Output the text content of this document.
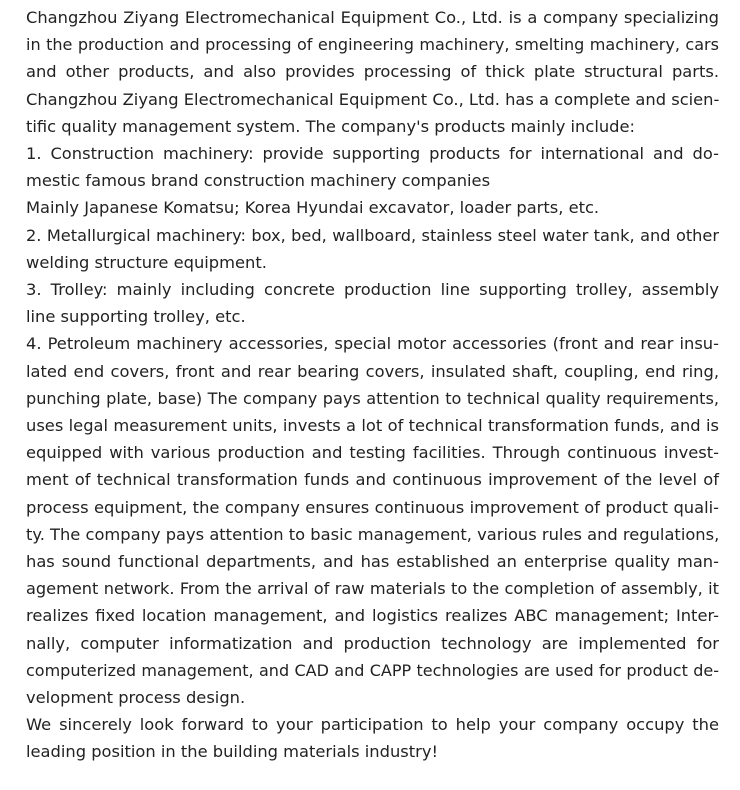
Changzhou Ziyang Electromechanical Equipment Co., Ltd. is a company specializing
in the production and processing of engineering machinery, smelting machinery, cars
and other products, and also provides processing of thick plate structural parts.
Changzhou Ziyang Electromechanical Equipment Co., Ltd. has a complete and scien-
tific quality management system. The company's products mainly include:
1. Construction machinery: provide supporting products for international and do-
mestic famous brand construction machinery companies
Mainly Japanese Komatsu; Korea Hyundai excavator, loader parts, etc.
2. Metallurgical machinery: box, bed, wallboard, stainless steel water tank, and other
welding structure equipment.
3. Trolley: mainly including concrete production line supporting trolley, assembly
line supporting trolley, etc.
4. Petroleum machinery accessories, special motor accessories (front and rear insu-
lated end covers, front and rear bearing covers, insulated shaft, coupling, end ring,
punching plate, base) The company pays attention to technical quality requirements,
uses legal measurement units, invests a lot of technical transformation funds, and is
equipped with various production and testing facilities. Through continuous invest-
ment of technical transformation funds and continuous improvement of the level of
process equipment, the company ensures continuous improvement of product quali-
ty. The company pays attention to basic management, various rules and regulations,
has sound functional departments, and has established an enterprise quality man-
agement network. From the arrival of raw materials to the completion of assembly, it
realizes fixed location management, and logistics realizes ABC management; Inter-
nally, computer informatization and production technology are implemented for
computerized management, and CAD and CAPP technologies are used for product de-
velopment process design.
We sincerely look forward to your participation to help your company occupy the
leading position in the building materials industry!
